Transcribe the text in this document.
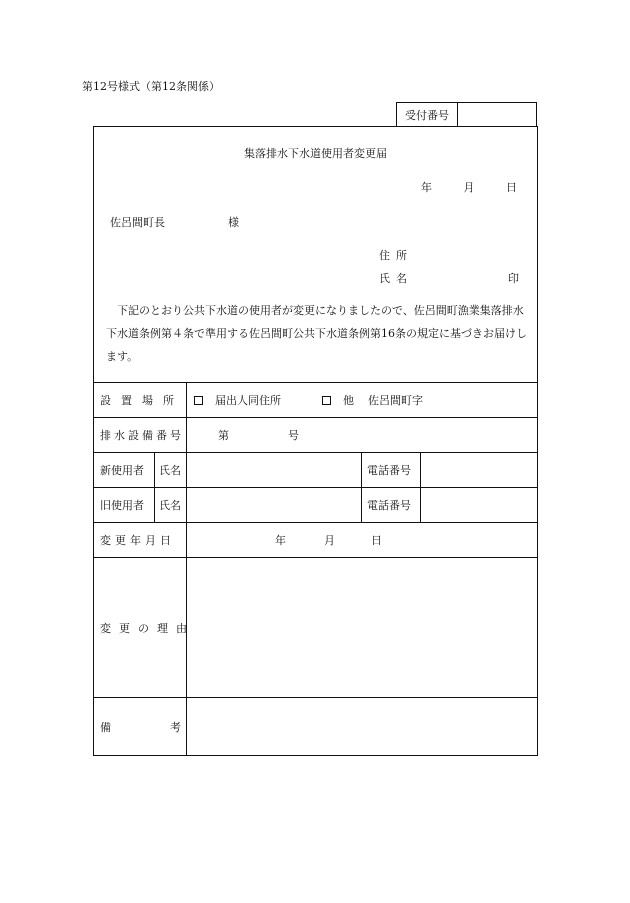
第12号様式（第12条関係）
受付番号
集落排水下水道使用者変更届
年	月	日
佐呂間町長	様
住所
氏名	印
下記のとおり公共下水道の使用者が変更になりましたので、佐呂間町漁業集落排水下水道条例第４条で準用する佐呂間町公共下水道条例第16条の規定に基づきお届けします。
設置場所	届出人同住所	他 佐呂間町字
排水設備番号	第	号
新使用者 氏名	電話番号
旧使用者 氏名	電話番号
変更年月日	年	月	日
変更の理由
備	考
